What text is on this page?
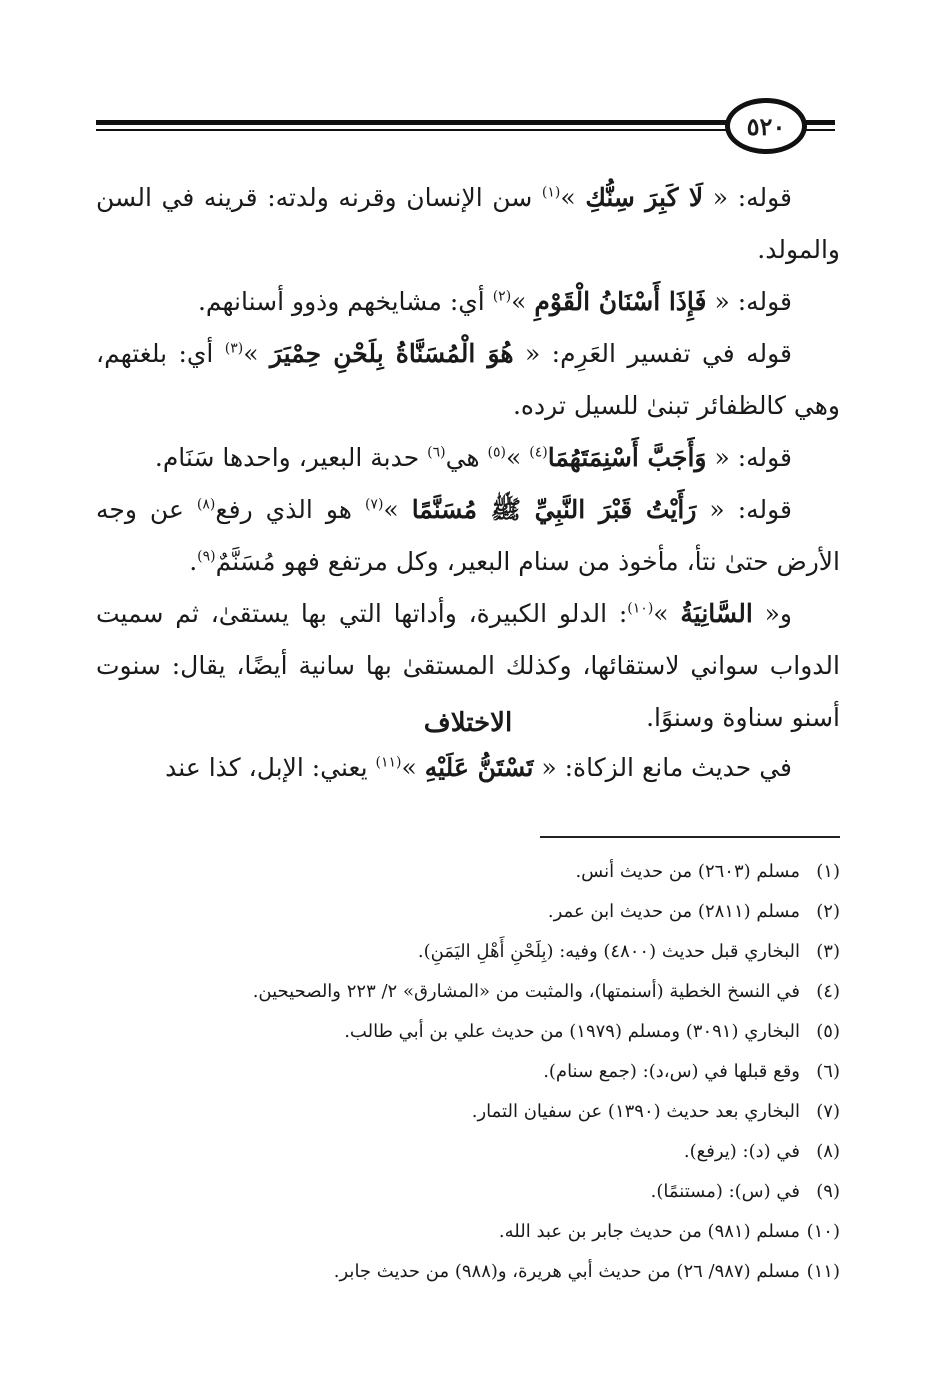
٥٢٠

قوله: « لَا كَبِرَ سِنُّكِ »$^{(١)}$ سن الإنسان وقرنه ولدته: قرينه في السن والمولد.

قوله: « فَإِذَا أَسْنَانُ الْقَوْمِ »$^{(٢)}$ أي: مشايخهم وذوو أسنانهم.

قوله في تفسير العَرِم: « هُوَ الْمُسَنَّاةُ بِلَحْنِ حِمْيَرَ »$^{(٣)}$ أي: بلغتهم، وهي كالظفائر تبنىٰ للسيل ترده.

قوله: « وَأَجَبَّ أَسْنِمَتَهُمَا$^{(٤)}$ »$^{(٥)}$ هي$^{(٦)}$ حدبة البعير، واحدها سَنَام.

قوله: « رَأَيْتُ قَبْرَ النَّبِيِّ ﷺ مُسَنَّمًا »$^{(٧)}$ هو الذي رفع$^{(٨)}$ عن وجه الأرض حتىٰ نتأ، مأخوذ من سنام البعير، وكل مرتفع فهو مُسَنَّمٌ$^{(٩)}$.

و« السَّانِيَةُ »$^{(١٠)}$: الدلو الكبيرة، وأداتها التي بها يستقىٰ، ثم سميت الدواب سواني لاستقائها، وكذلك المستقىٰ بها سانية أيضًا، يقال: سنوت أسنو سناوة وسنوًا.

الاختلاف
في حديث مانع الزكاة: « تَسْتَنُّ عَلَيْهِ »$^{(١١)}$ يعني: الإبل، كذا عند
(١)مسلم (٢٦٠٣) من حديث أنس.
(٢)مسلم (٢٨١١) من حديث ابن عمر.
(٣)البخاري قبل حديث (٤٨٠٠) وفيه: (بِلَحْنِ أَهْلِ اليَمَنِ).
(٤)في النسخ الخطية (أسنمتها)، والمثبت من «المشارق» ٢/ ٢٢٣ والصحيحين.
(٥)البخاري (٣٠٩١) ومسلم (١٩٧٩) من حديث علي بن أبي طالب.
(٦)وقع قبلها في (س،د): (جمع سنام).
(٧)البخاري بعد حديث (١٣٩٠) عن سفيان التمار.
(٨)في (د): (يرفع).
(٩)في (س): (مستنمًا).
(١٠)مسلم (٩٨١) من حديث جابر بن عبد الله.
(١١)مسلم (٩٨٧/ ٢٦) من حديث أبي هريرة، و(٩٨٨) من حديث جابر.
